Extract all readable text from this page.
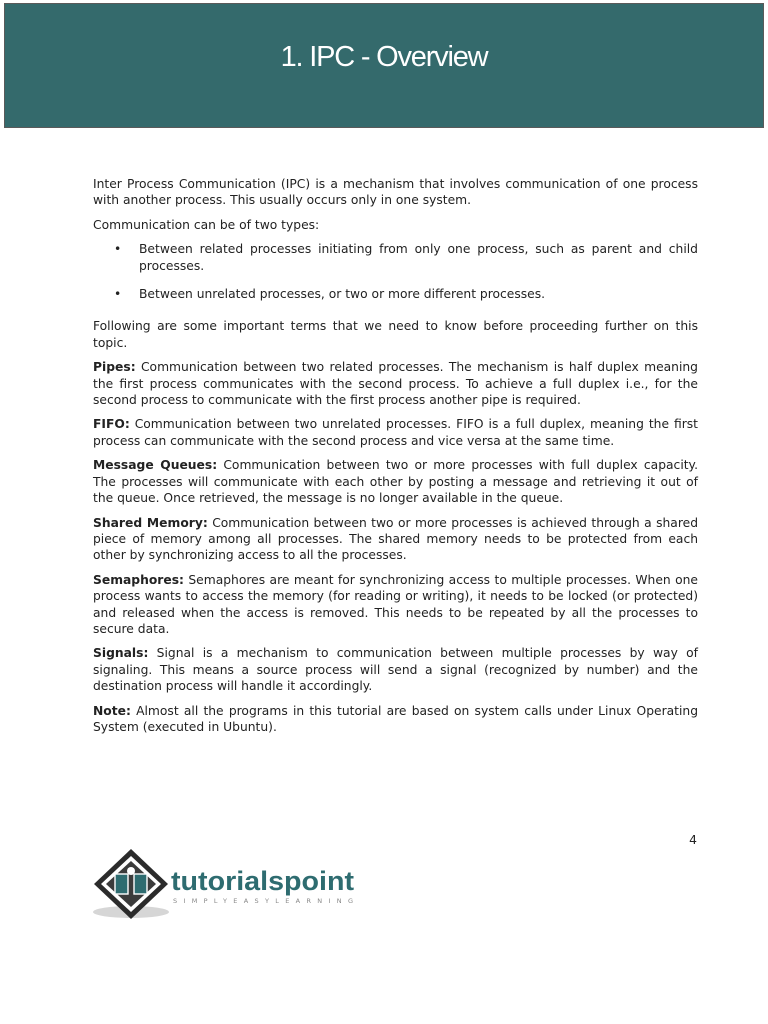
1. IPC - Overview

Inter Process Communication (IPC) is a mechanism that involves communication of one process with another process. This usually occurs only in one system.

Communication can be of two types:

• Between related processes initiating from only one process, such as parent and child processes.
• Between unrelated processes, or two or more different processes.

Following are some important terms that we need to know before proceeding further on this topic.

Pipes: Communication between two related processes. The mechanism is half duplex meaning the first process communicates with the second process. To achieve a full duplex i.e., for the second process to communicate with the first process another pipe is required.

FIFO: Communication between two unrelated processes. FIFO is a full duplex, meaning the first process can communicate with the second process and vice versa at the same time.

Message Queues: Communication between two or more processes with full duplex capacity. The processes will communicate with each other by posting a message and retrieving it out of the queue. Once retrieved, the message is no longer available in the queue.

Shared Memory: Communication between two or more processes is achieved through a shared piece of memory among all processes. The shared memory needs to be protected from each other by synchronizing access to all the processes.

Semaphores: Semaphores are meant for synchronizing access to multiple processes. When one process wants to access the memory (for reading or writing), it needs to be locked (or protected) and released when the access is removed. This needs to be repeated by all the processes to secure data.

Signals: Signal is a mechanism to communication between multiple processes by way of signaling. This means a source process will send a signal (recognized by number) and the destination process will handle it accordingly.

Note: Almost all the programs in this tutorial are based on system calls under Linux Operating System (executed in Ubuntu).

4
tutorialspoint
SIMPLYEASYLEARNING
